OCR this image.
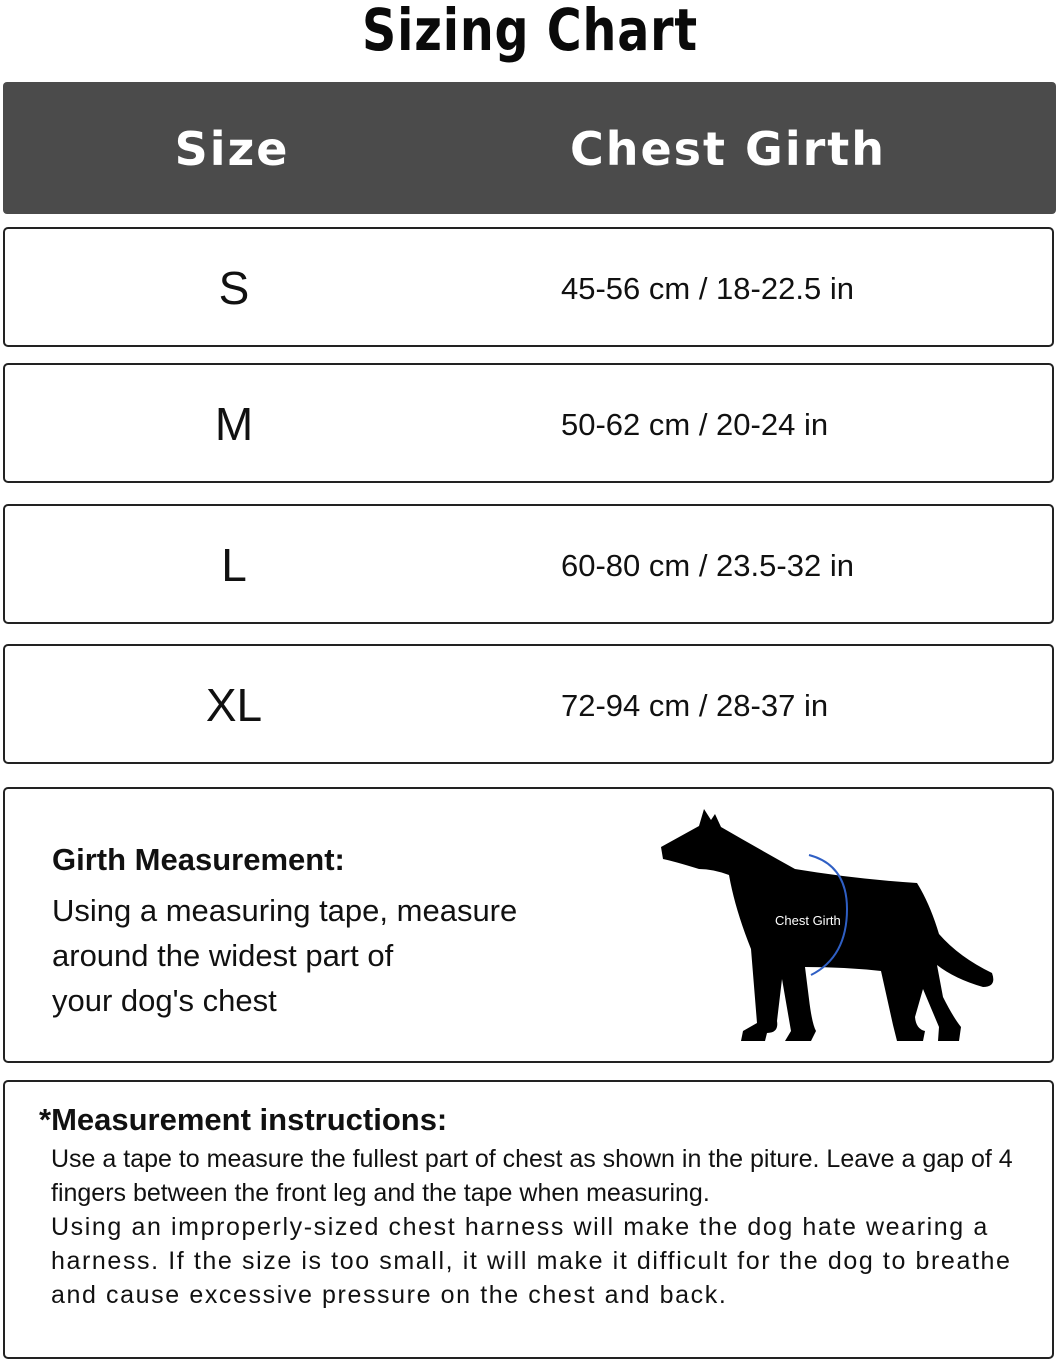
Sizing Chart
Size	Chest Girth
S	45-56 cm / 18-22.5 in
M	50-62 cm / 20-24 in
L	60-80 cm / 23.5-32 in
XL	72-94 cm / 28-37 in
Girth Measurement:
Using a measuring tape, measure
around the widest part of
your dog's chest
Chest Girth
*Measurement instructions:
Use a tape to measure the fullest part of chest as shown in the piture. Leave a gap of 4 fingers between the front leg and the tape when measuring.
Using an improperly-sized chest harness will make the dog hate wearing a harness. If the size is too small, it will make it difficult for the dog to breathe and cause excessive pressure on the chest and back.
